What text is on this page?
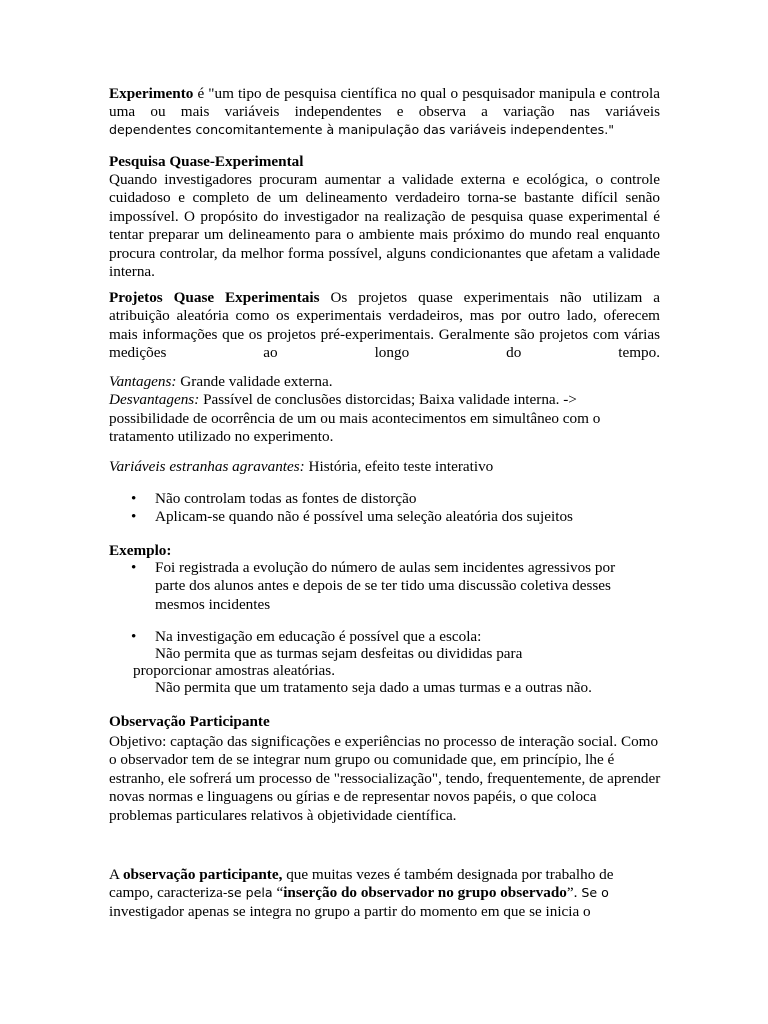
Experimento é "um tipo de pesquisa científica no qual o pesquisador manipula e controla uma ou mais variáveis independentes e observa a variação nas variáveis

dependentes concomitantemente à manipulação das variáveis independentes."

Pesquisa Quase-Experimental

Quando investigadores procuram aumentar a validade externa e ecológica, o controle cuidadoso e completo de um delineamento verdadeiro torna-se bastante difícil senão impossível. O propósito do investigador na realização de pesquisa quase experimental é tentar preparar um delineamento para o ambiente mais próximo do mundo real enquanto procura controlar, da melhor forma possível, alguns condicionantes que afetam a validade interna.

Projetos Quase Experimentais Os projetos quase experimentais não utilizam a atribuição aleatória como os experimentais verdadeiros, mas por outro lado, oferecem mais informações que os projetos pré-experimentais. Geralmente são projetos com várias medições ao longo do tempo.

Vantagens: Grande validade externa.
Desvantagens: Passível de conclusões distorcidas; Baixa validade interna. -> possibilidade de ocorrência de um ou mais acontecimentos em simultâneo com o tratamento utilizado no experimento.

Variáveis estranhas agravantes: História, efeito teste interativo

• Não controlam todas as fontes de distorção
• Aplicam-se quando não é possível uma seleção aleatória dos sujeitos

Exemplo:

• Foi registrada a evolução do número de aulas sem incidentes agressivos por parte dos alunos antes e depois de se ter tido uma discussão coletiva desses mesmos incidentes
• Na investigação em educação é possível que a escola:
Não permita que as turmas sejam desfeitas ou divididas para
proporcionar amostras aleatórias.
Não permita que um tratamento seja dado a umas turmas e a outras não.

Observação Participante

Objetivo: captação das significações e experiências no processo de interação social. Como o observador tem de se integrar num grupo ou comunidade que, em princípio, lhe é estranho, ele sofrerá um processo de "ressocialização", tendo, frequentemente, de aprender novas normas e linguagens ou gírias e de representar novos papéis, o que coloca problemas particulares relativos à objetividade científica.

A observação participante, que muitas vezes é também designada por trabalho de campo, caracteriza-se pela “inserção do observador no grupo observado”. Se o investigador apenas se integra no grupo a partir do momento em que se inicia o
